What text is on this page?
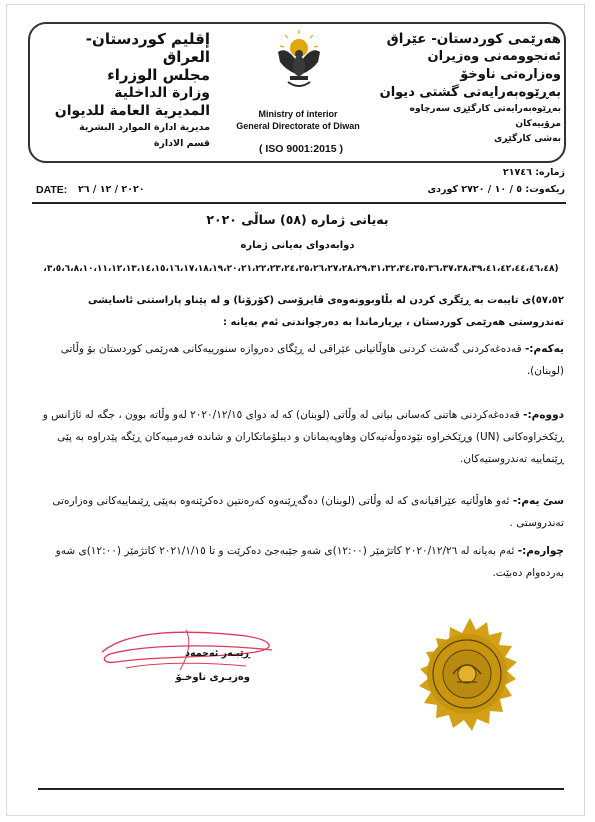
إقليم كوردستان- العراق
مجلس الوزراء
وزارة الداخلية
المديرية العامة للديوان
مديرية ادارة الموارد البشرية
قسم الادارة
Ministry of interior
General Directorate of Diwan
( ISO 9001:2015 )
هەرێمی کوردستان- عێراق
ئەنجوومەنی وەزیران
وەزارەتی ناوخۆ
بەڕێوەبەرایەتی گشتی دیوان
بەڕێوەبەرایەتی کارگێڕی سەرچاوە مرۆییەکان
بەشی کارگێڕی
ژمارە: ٢١٧٤٦
ریکەوت: ٥ / ١٠ / ٢٧٢٠ کوردی
DATE: ٢٠٢٠ / ١٢ / ٢٦
بەیانی ژمارە (٥٨) ساڵی ٢٠٢٠
دوابەدوای بەیانی ژمارە
(٣،٥،٦،٨،١٠،١١،١٢،١٣،١٤،١٥،١٦،١٧،١٨،١٩،٢٠،٢١،٢٢،٢٣،٢٤،٢٥،٢٦،٢٧،٢٨،٢٩،٣١،٣٢،٣٤،٣٥،٣٦،٣٧،٣٨،٣٩،٤١،٤٢،٤٤،٤٦،٤٨،
٥٧،٥٢)ی تایبەت بە ڕێگری کردن لە بڵاوبوونەوەی ڤایرۆسی (کۆرۆنا) و لە پێناو پاراستنی ئاسایشی تەندروستی هەرێمی کوردستان ، بڕیارماندا بە دەرچواندنی ئەم بەیانە :
یەکەم:- قەدەغەکردنی گەشت کردنی هاوڵاتیانی عێراقی لە ڕێگای دەروازە سنورییەکانی هەرێمی کوردستان بۆ وڵاتی (لوبنان).
دووەم:- قەدەغەکردنی هاتنی کەسانی بیانی لە وڵاتی (لوبنان) کە لە دوای ٢٠٢٠/١٢/١٥ لەو وڵاتە بوون ، جگە لە ئاژانس و ڕێکخراوەکانی (UN) وڕێکخراوە نێودەوڵەتیەکان وهاوپەیمانان و دیبلۆماتکاران و شاندە فەرمییەکان ڕێگە پێدراوە بە پێی ڕێنماییە تەندروستیەکان.
سێ یەم:- ئەو هاوڵاتیە عێراقیانەی کە لە وڵاتی (لوبنان) دەگەڕێنەوە کەرەنتین دەکرێنەوە بەپێی ڕێنماییەکانی وەزارەتی تەندروستی .
چوارەم:- ئەم بەیانە لە ٢٠٢٠/١٢/٢٦ کاتژمێر (١٢:٠٠)ی شەو جێبەجێ دەکرێت و تا ٢٠٢١/١/١٥ کاتژمێر (١٢:٠٠)ی شەو بەردەوام دەبێت.
ڕێبـەر ئەحمەد
وەزیـری ناوخـۆ
